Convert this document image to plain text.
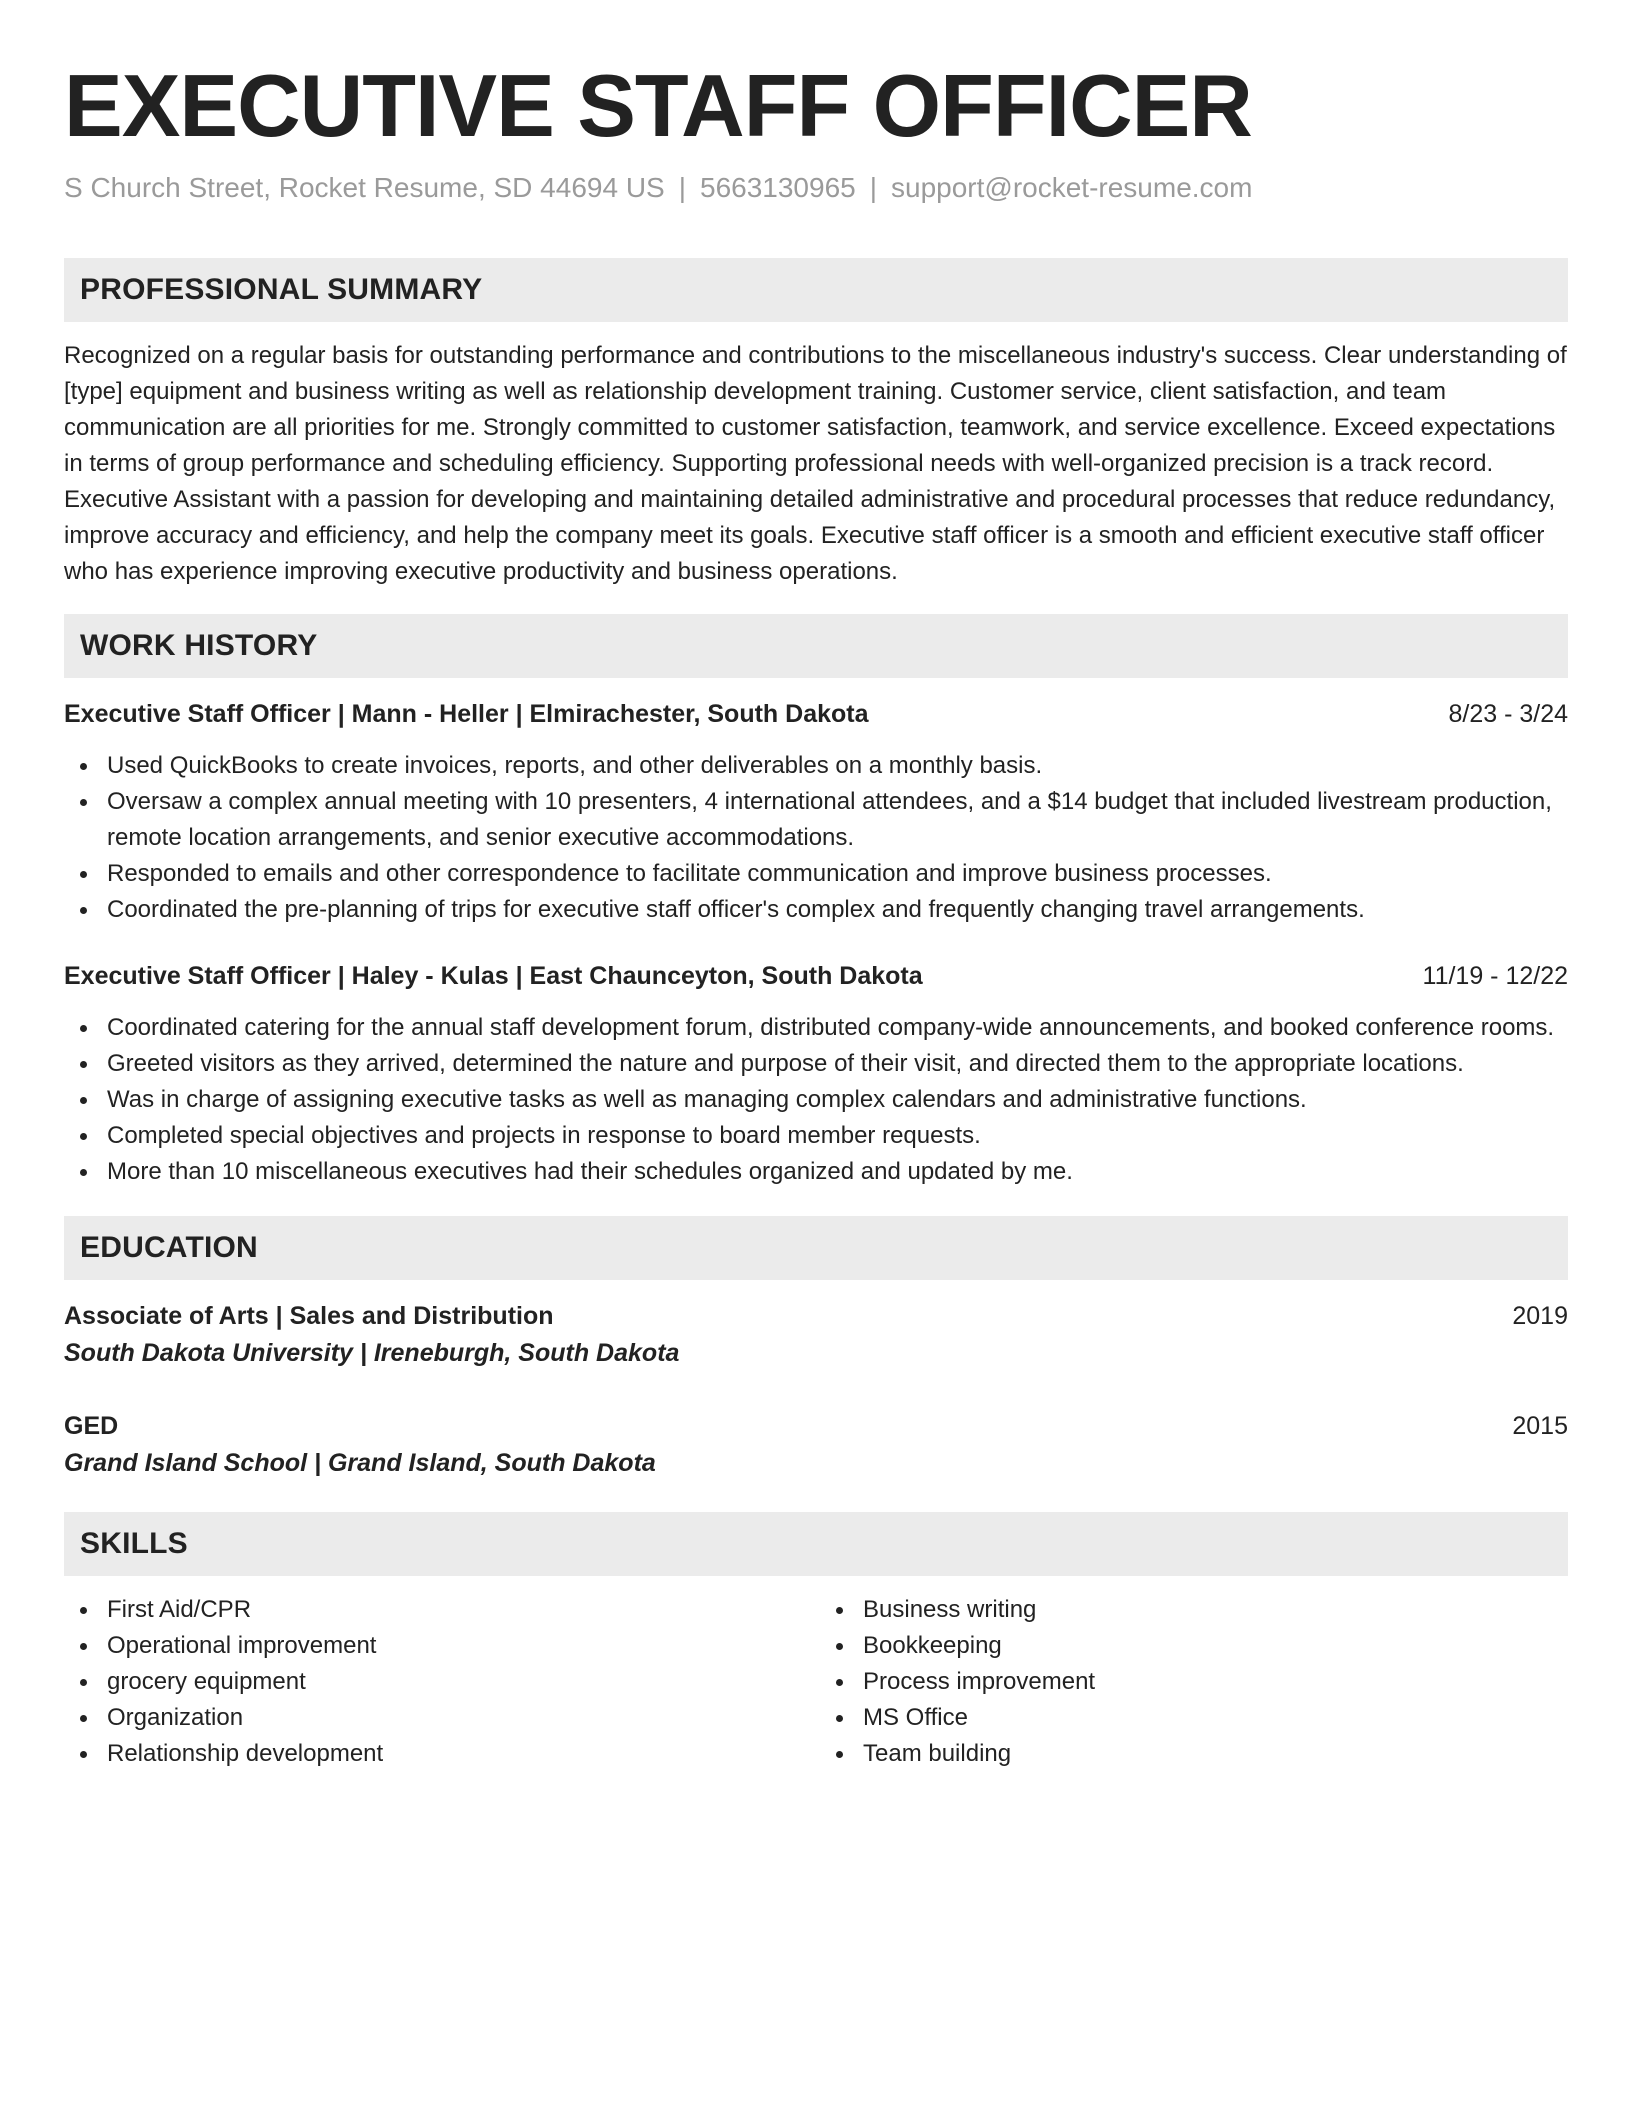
EXECUTIVE STAFF OFFICER
S Church Street, Rocket Resume, SD 44694 US | 5663130965 | support@rocket-resume.com
PROFESSIONAL SUMMARY

Recognized on a regular basis for outstanding performance and contributions to the miscellaneous industry's success. Clear understanding of [type] equipment and business writing as well as relationship development training. Customer service, client satisfaction, and team communication are all priorities for me. Strongly committed to customer satisfaction, teamwork, and service excellence. Exceed expectations in terms of group performance and scheduling efficiency. Supporting professional needs with well-organized precision is a track record. Executive Assistant with a passion for developing and maintaining detailed administrative and procedural processes that reduce redundancy, improve accuracy and efficiency, and help the company meet its goals. Executive staff officer is a smooth and efficient executive staff officer who has experience improving executive productivity and business operations.

WORK HISTORY
Executive Staff Officer | Mann - Heller | Elmirachester, South Dakota	8/23 - 3/24
Used QuickBooks to create invoices, reports, and other deliverables on a monthly basis.
Oversaw a complex annual meeting with 10 presenters, 4 international attendees, and a $14 budget that included livestream production, remote location arrangements, and senior executive accommodations.
Responded to emails and other correspondence to facilitate communication and improve business processes.
Coordinated the pre-planning of trips for executive staff officer's complex and frequently changing travel arrangements.
Executive Staff Officer | Haley - Kulas | East Chaunceyton, South Dakota	11/19 - 12/22
Coordinated catering for the annual staff development forum, distributed company-wide announcements, and booked conference rooms.
Greeted visitors as they arrived, determined the nature and purpose of their visit, and directed them to the appropriate locations.
Was in charge of assigning executive tasks as well as managing complex calendars and administrative functions.
Completed special objectives and projects in response to board member requests.
More than 10 miscellaneous executives had their schedules organized and updated by me.
EDUCATION
Associate of Arts | Sales and Distribution	2019
South Dakota University | Ireneburgh, South Dakota
GED	2015
Grand Island School | Grand Island, South Dakota
SKILLS
First Aid/CPR
Operational improvement
grocery equipment
Organization
Relationship development
Business writing
Bookkeeping
Process improvement
MS Office
Team building
